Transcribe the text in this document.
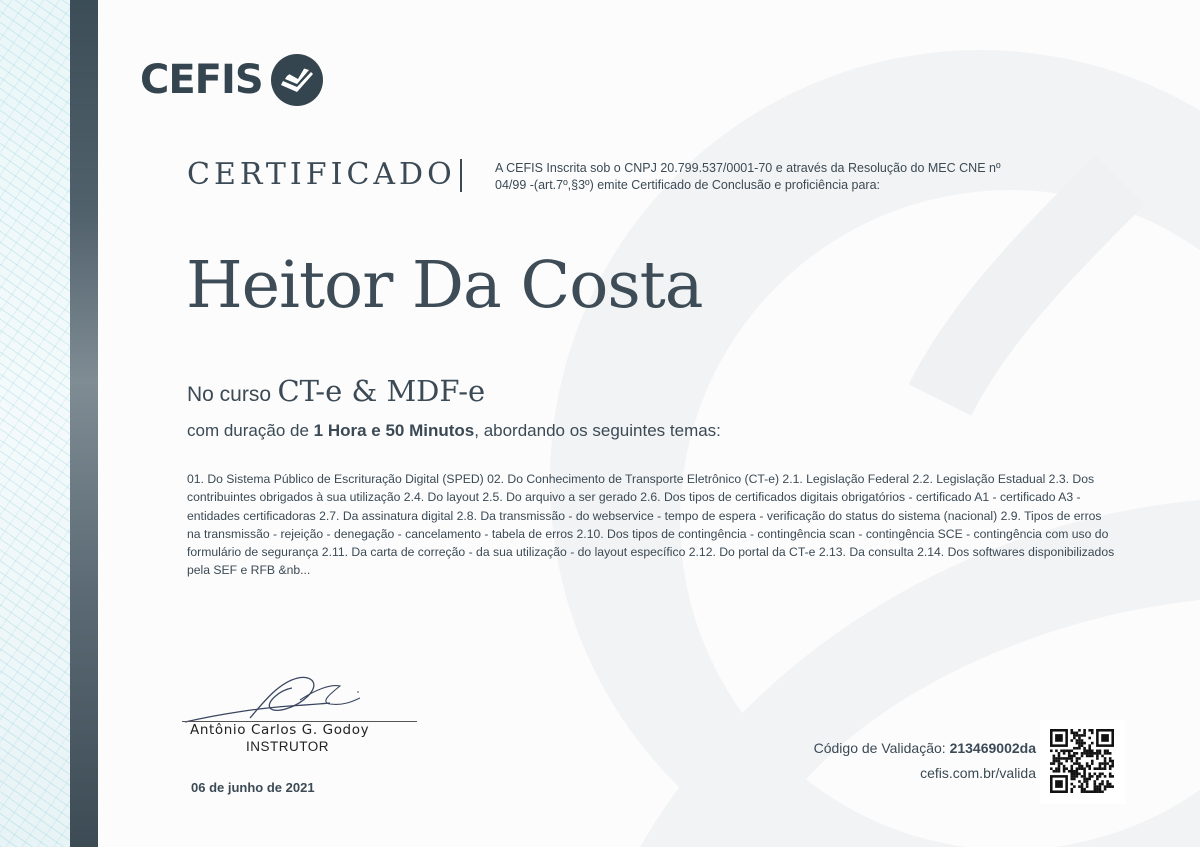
CEFIS
CERTIFICADO	A CEFIS Inscrita sob o CNPJ 20.799.537/0001-70 e através da Resolução do MEC CNE nº 04/99 -(art.7º,§3º) emite Certificado de Conclusão e proficiência para:
Heitor Da Costa
No curso CT-e & MDF-e
com duração de 1 Hora e 50 Minutos, abordando os seguintes temas:
01. Do Sistema Público de Escrituração Digital (SPED) 02. Do Conhecimento de Transporte Eletrônico (CT-e) 2.1. Legislação Federal 2.2. Legislação Estadual 2.3. Dos contribuintes obrigados à sua utilização 2.4. Do layout 2.5. Do arquivo a ser gerado 2.6. Dos tipos de certificados digitais obrigatórios - certificado A1 - certificado A3 - entidades certificadoras 2.7. Da assinatura digital 2.8. Da transmissão - do webservice - tempo de espera - verificação do status do sistema (nacional) 2.9. Tipos de erros na transmissão - rejeição - denegação - cancelamento - tabela de erros 2.10. Dos tipos de contingência - contingência scan - contingência SCE - contingência com uso do formulário de segurança 2.11. Da carta de correção - da sua utilização - do layout específico 2.12. Do portal da CT-e 2.13. Da consulta 2.14. Dos softwares disponibilizados pela SEF e RFB &nb...
Antônio Carlos G. Godoy
INSTRUTOR
06 de junho de 2021
Código de Validação: 213469002da
cefis.com.br/valida
